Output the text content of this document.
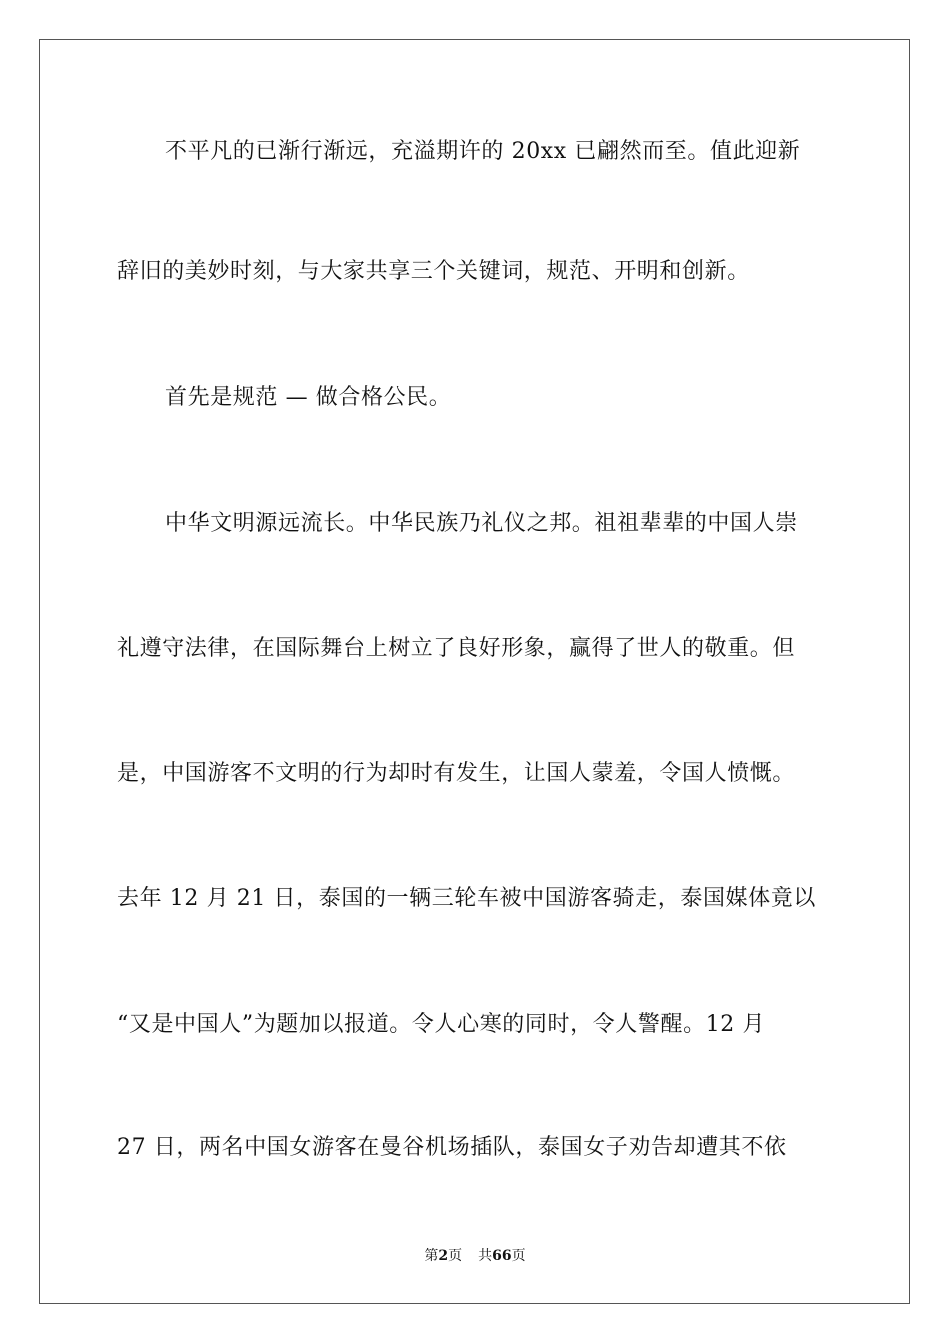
不平凡的已渐行渐远，充溢期许的 20xx 已翩然而至。值此迎新
辞旧的美妙时刻，与大家共享三个关键词，规范、开明和创新。
首先是规范 — 做合格公民。
中华文明源远流长。中华民族乃礼仪之邦。祖祖辈辈的中国人崇
礼遵守法律，在国际舞台上树立了良好形象，赢得了世人的敬重。但
是，中国游客不文明的行为却时有发生，让国人蒙羞，令国人愤慨。
去年 12 月 21 日，泰国的一辆三轮车被中国游客骑走，泰国媒体竟以
“又是中国人”为题加以报道。令人心寒的同时，令人警醒。12 月
27 日，两名中国女游客在曼谷机场插队，泰国女子劝告却遭其不依
第2页 共66页
